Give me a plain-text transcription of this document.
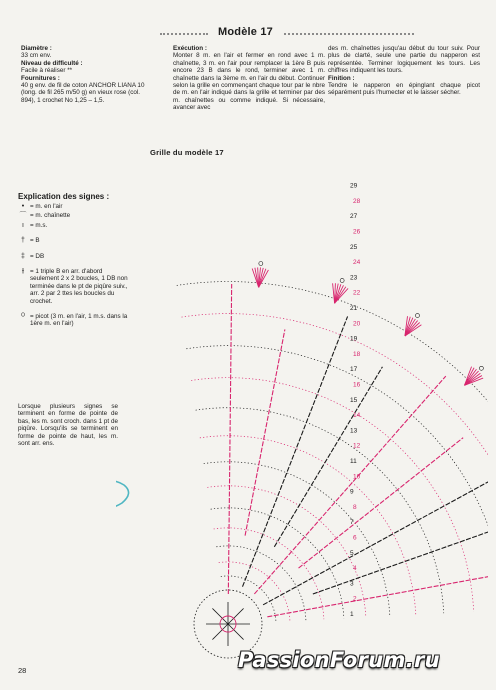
Modèle 17
Diamètre :
33 cm env.
Niveau de difficulté :
Facile à réaliser **
Fournitures :
40 g env. de fil de coton ANCHOR LIANA 10 (long. de fil 265 m/50 g) en vieux rose (col. 894), 1 crochet No 1,25 – 1,5.
Exécution :
Monter 8 m. en l'air et fermer en rond avec 1 m. chaînette, 3 m. en l'air pour remplacer la 1ère B puis encore 23 B dans le rond, terminer avec 1 m. chaînette dans la 3ème m. en l'air du début. Continuer selon la grille en commençant chaque tour par le nbre de m. en l'air indiqué dans la grille et terminer par des m. chaînettes ou comme indiqué. Si nécessaire, avancer avec
des m. chaînettes jusqu'au début du tour suiv. Pour plus de clarté, seule une partie du napperon est représentée. Terminer logiquement les tours. Les chiffres indiquent les tours.
Finition :
Tendre le napperon en épinglant chaque picot séparément puis l'humecter et le laisser sécher.
Grille du modèle 17
Explication des signes :
• = m. en l'air
⌒ = m. chaînette
ı = m.s.
† = B
‡ = DB
⫲ = 1 triple B en arr. d'abord seulement 2 x 2 boucles, 1 DB non terminée dans le pt de piqûre suiv., arr. 2 par 2 ttes les boucles du crochet.
ᴼ = picot (3 m. en l'air, 1 m.s. dans la 1ère m. en l'air)
Lorsque plusieurs signes se terminent en forme de pointe de bas, les m. sont croch. dans 1 pt de piqûre. Lorsqu'ils se terminent en forme de pointe de haut, les m. sont arr. ens.
1
2
3
4
5
6
7
8
9
10
11
12
13
14
15
16
17
18
19
20
21
22
23
24
25
26
27
28
29
28	PassionForum.ru
